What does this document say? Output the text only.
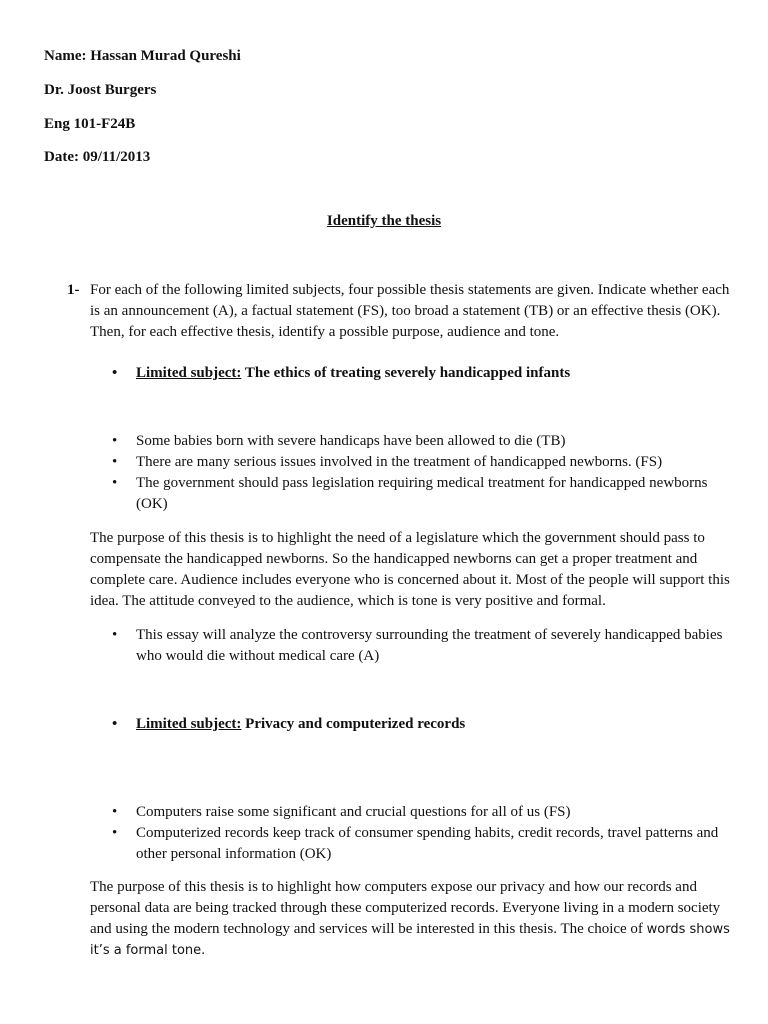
Name: Hassan Murad Qureshi
Dr. Joost Burgers
Eng 101-F24B
Date: 09/11/2013
Identify the thesis
1- For each of the following limited subjects, four possible thesis statements are given. Indicate whether each is an announcement (A), a factual statement (FS), too broad a statement (TB) or an effective thesis (OK). Then, for each effective thesis, identify a possible purpose, audience and tone.
• Limited subject: The ethics of treating severely handicapped infants
• Some babies born with severe handicaps have been allowed to die (TB)
• There are many serious issues involved in the treatment of handicapped newborns. (FS)
• The government should pass legislation requiring medical treatment for handicapped newborns (OK)

The purpose of this thesis is to highlight the need of a legislature which the government should pass to compensate the handicapped newborns. So the handicapped newborns can get a proper treatment and complete care. Audience includes everyone who is concerned about it. Most of the people will support this idea. The attitude conveyed to the audience, which is tone is very positive and formal.

• This essay will analyze the controversy surrounding the treatment of severely handicapped babies who would die without medical care (A)
• Limited subject: Privacy and computerized records
• Computers raise some significant and crucial questions for all of us (FS)
• Computerized records keep track of consumer spending habits, credit records, travel patterns and other personal information (OK)

The purpose of this thesis is to highlight how computers expose our privacy and how our records and personal data are being tracked through these computerized records. Everyone living in a modern society and using the modern technology and services will be interested in this thesis. The choice of words shows it’s a formal tone.
